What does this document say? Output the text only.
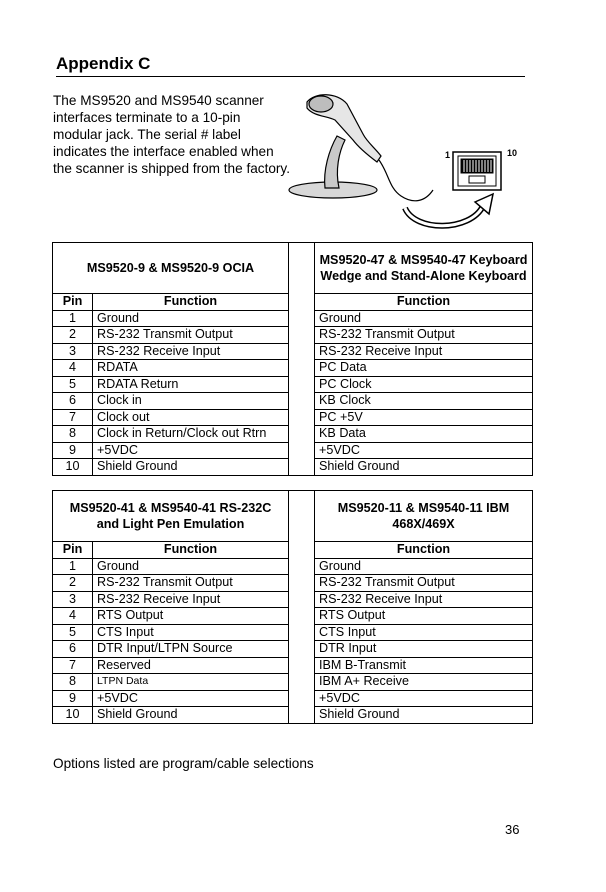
Appendix C

The MS9520 and MS9540 scanner interfaces terminate to a 10-pin modular jack. The serial # label indicates the interface enabled when the scanner is shipped from the factory.

1	10
MS9520-9 & MS9520-9 OCIA			MS9520-47 & MS9540-47 Keyboard Wedge and Stand-Alone Keyboard
Pin	Function		Function
1	Ground		Ground
2	RS-232 Transmit Output		RS-232 Transmit Output
3	RS-232 Receive Input		RS-232 Receive Input
4	RDATA		PC Data
5	RDATA Return		PC Clock
6	Clock in		KB Clock
7	Clock out		PC +5V
8	Clock in Return/Clock out Rtrn		KB Data
9	+5VDC		+5VDC
10	Shield Ground		Shield Ground
MS9520-41 & MS9540-41 RS-232C and Light Pen Emulation			MS9520-11 & MS9540-11 IBM 468X/469X
Pin	Function		Function
1	Ground		Ground
2	RS-232 Transmit Output		RS-232 Transmit Output
3	RS-232 Receive Input		RS-232 Receive Input
4	RTS Output		RTS Output
5	CTS Input		CTS Input
6	DTR Input/LTPN Source		DTR Input
7	Reserved		IBM B-Transmit
8	LTPN Data		IBM A+ Receive
9	+5VDC		+5VDC
10	Shield Ground		Shield Ground
Options listed are program/cable selections
36
